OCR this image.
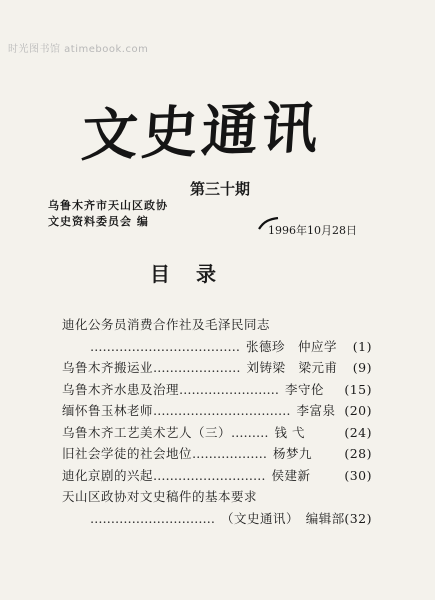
时光图书馆 atimebook.com
文史通讯
第三十期
乌鲁木齐市天山区政协
文史资料委员会 编
1996年10月28日
目录
迪化公务员消费合作社及毛泽民同志
……………………………… 张德珍　仲应学 (1)
乌鲁木齐搬运业………………… 刘铸梁　梁元甫 (9)
乌鲁木齐水患及治理…………………… 李守伦 (15)
缅怀鲁玉林老师…………………………… 李富泉 (20)
乌鲁木齐工艺美术艺人（三）……… 钱 弋	(24)
旧社会学徒的社会地位……………… 杨梦九	(28)
迪化京剧的兴起……………………… 侯建新	(30)
天山区政协对文史稿件的基本要求
………………………… （文史通讯）　编辑部 (32)
